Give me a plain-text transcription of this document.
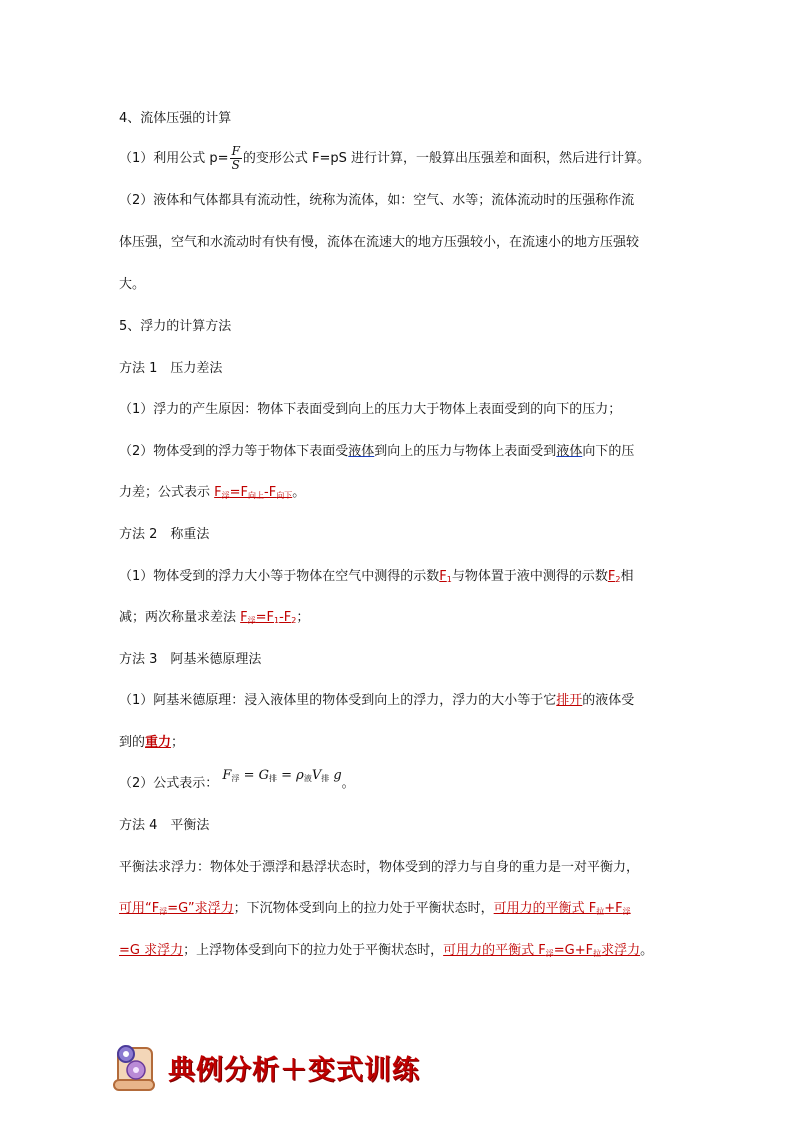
4、流体压强的计算
（1）利用公式 $p= \frac{F}{S}$ 的变形公式 F=pS 进行计算，一般算出压强差和面积，然后进行计算。
（2）液体和气体都具有流动性，统称为流体，如：空气、水等；流体流动时的压强称作流
体压强，空气和水流动时有快有慢，流体在流速大的地方压强较小，在流速小的地方压强较
大。
5、浮力的计算方法
方法 1　压力差法
（1）浮力的产生原因：物体下表面受到向上的压力大于物体上表面受到的向下的压力；
（2）物体受到的浮力等于物体下表面受液体到向上的压力与物体上表面受到液体向下的压
力差；公式表示 $F_浮=F_{向上}-F_{向下}$。
方法 2　称重法
（1）物体受到的浮力大小等于物体在空气中测得的示数$F_1$与物体置于液中测得的示数$F_2$相
减；两次称量求差法 $F_浮=F_1-F_2$；
方法 3　阿基米德原理法
（1）阿基米德原理：浸入液体里的物体受到向上的浮力，浮力的大小等于它排开的液体受
到的重力；
（2）公式表示： $F_浮 = G_排 = \rho_液V_排$ g。
方法 4　平衡法
平衡法求浮力：物体处于漂浮和悬浮状态时，物体受到的浮力与自身的重力是一对平衡力，
可用“$F_浮=G$”求浮力；下沉物体受到向上的拉力处于平衡状态时，可用力的平衡式 $F_拉+F_浮$
=G 求浮力；上浮物体受到向下的拉力处于平衡状态时，可用力的平衡式 $F_浮=G+F_拉$求浮力。
典例分析＋变式训练
